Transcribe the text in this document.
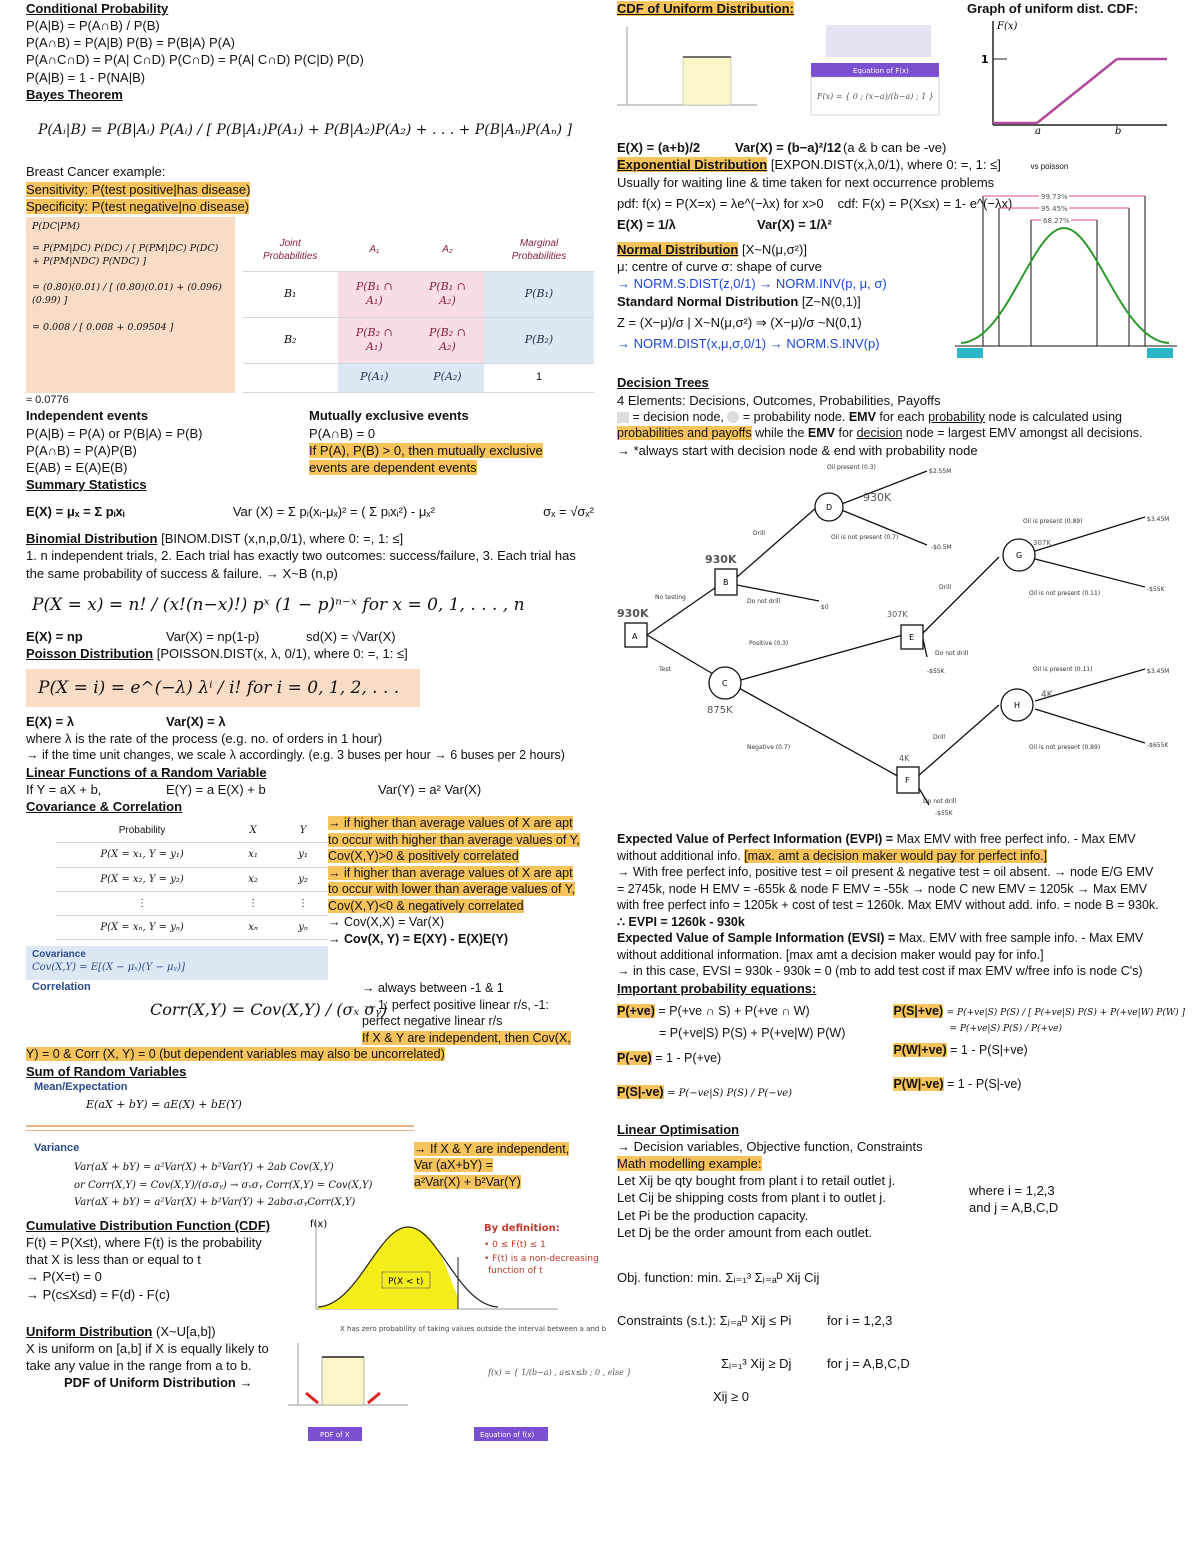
Conditional Probability
P(A|B) = P(A∩B) / P(B)
P(A∩B) = P(A|B) P(B) = P(B|A) P(A)
P(A∩C∩D) = P(A| C∩D) P(C∩D) = P(A| C∩D) P(C|D) P(D)
P(A|B) = 1 - P(NA|B)
Bayes Theorem
P(Aᵢ|B) = P(B|Aᵢ) P(Aᵢ) / [ P(B|A₁)P(A₁) + P(B|A₂)P(A₂) + . . . + P(B|Aₙ)P(Aₙ) ]
Breast Cancer example:
Sensitivity: P(test positive|has disease)
Specificity: P(test negative|no disease)
P(DC|PM)
= P(PM|DC) P(DC) / [ P(PM|DC) P(DC) + P(PM|NDC) P(NDC) ]
= (0.80)(0.01) / [ (0.80)(0.01) + (0.096)(0.99) ]
= 0.008 / [ 0.008 + 0.09504 ]
Joint Probabilities	A₁	A₂	Marginal Probabilities
B₁	P(B₁ ∩ A₁)	P(B₁ ∩ A₂)	P(B₁)
B₂	P(B₂ ∩ A₁)	P(B₂ ∩ A₂)	P(B₂)
	P(A₁)	P(A₂)	1
≈ 0.0776
Independent events
P(A|B) = P(A) or P(B|A) = P(B)
P(A∩B) = P(A)P(B)
E(AB) = E(A)E(B)
Mutually exclusive events
P(A∩B) = 0
If P(A), P(B) > 0, then mutually exclusive
events are dependent events
Summary Statistics
E(X) = μₓ = Σ pᵢxᵢ	Var (X) = Σ pᵢ(xᵢ-μₓ)² = ( Σ pᵢxᵢ²) - μₓ²	σₓ = √σₓ²
Binomial Distribution [BINOM.DIST (x,n,p,0/1), where 0: =, 1: ≤]
1. n independent trials, 2. Each trial has exactly two outcomes: success/failure, 3. Each trial has
the same probability of success & failure. → X~B (n,p)
P(X = x) = n! / (x!(n−x)!) pˣ (1 − p)ⁿ⁻ˣ for x = 0, 1, . . . , n
E(X) = np	Var(X) = np(1-p)	sd(X) = √Var(X)
Poisson Distribution [POISSON.DIST(x, λ, 0/1), where 0: =, 1: ≤]
P(X = i) = e^(−λ) λⁱ / i! for i = 0, 1, 2, . . .
E(X) = λ	Var(X) = λ
where λ is the rate of the process (e.g. no. of orders in 1 hour)
→ if the time unit changes, we scale λ accordingly. (e.g. 3 buses per hour → 6 buses per 2 hours)
Linear Functions of a Random Variable
If Y = aX + b,	E(Y) = a E(X) + b	Var(Y) = a² Var(X)
Covariance & Correlation
Probability	X	Y
P(X = x₁, Y = y₁)	x₁	y₁
P(X = x₂, Y = y₂)	x₂	y₂
⋮	⋮	⋮
P(X = xₙ, Y = yₙ)	xₙ	yₙ
Covariance
Cov(X,Y) = E[(X − μₓ)(Y − μᵧ)]
→ if higher than average values of X are apt
to occur with higher than average values of Y,
Cov(X,Y)>0 & positively correlated
→ if higher than average values of X are apt
to occur with lower than average values of Y,
Cov(X,Y)<0 & negatively correlated
→ Cov(X,X) = Var(X)
→ Cov(X, Y) = E(XY) - E(X)E(Y)
Correlation
Corr(X,Y) = Cov(X,Y) / (σₓ σᵧ)
→ always between -1 & 1
→ 1: perfect positive linear r/s, -1:
perfect negative linear r/s
If X & Y are independent, then Cov(X,
Y) = 0 & Corr (X, Y) = 0 (but dependent variables may also be uncorrelated)
Sum of Random Variables
Mean/Expectation
E(aX + bY) = aE(X) + bE(Y)
Variance
Var(aX + bY) = a²Var(X) + b²Var(Y) + 2ab Cov(X,Y)
or Corr(X,Y) = Cov(X,Y)/(σₓσᵧ) → σₓσᵧ Corr(X,Y) = Cov(X,Y)
Var(aX + bY) = a²Var(X) + b²Var(Y) + 2abσₓσᵧCorr(X,Y)
→ If X & Y are independent,
Var (aX+bY) =
a²Var(X) + b²Var(Y)
Cumulative Distribution Function (CDF)
F(t) = P(X≤t), where F(t) is the probability
that X is less than or equal to t
→ P(X=t) = 0
→ P(c≤X≤d) = F(d) - F(c)
f(x)
P(X < t)
By definition:
• 0 ≤ F(t) ≤ 1
• F(t) is a non-decreasing
function of t
Uniform Distribution (X~U[a,b])
X is uniform on [a,b] if X is equally likely to
take any value in the range from a to b.
PDF of Uniform Distribution →
X has zero probability of taking values outside the interval between a and b
f(x) = { 1/(b−a) , a≤x≤b ; 0 , else }
PDF of X	Equation of f(x)
CDF of Uniform Distribution:
Equation of F(x)
F(x) = { 0 ; (x−a)/(b−a) ; 1 }
Graph of uniform dist. CDF:
F(x)
1
a	b
E(X) = (a+b)/2	Var(X) = (b−a)²/12 (a & b can be -ve)
Exponential Distribution [EXPON.DIST(x,λ,0/1), where 0: =, 1: ≤]	vs poisson
Usually for waiting line & time taken for next occurrence problems
pdf: f(x) = P(X=x) = λe^(−λx) for x>0 cdf: F(x) = P(X≤x) = 1- e^(−λx)
E(X) = 1/λ	Var(X) = 1/λ²
Normal Distribution [X~N(μ,σ²)]
μ: centre of curve σ: shape of curve
→ NORM.S.DIST(z,0/1) → NORM.INV(p, μ, σ)
Standard Normal Distribution [Z~N(0,1)]
Z = (X−μ)/σ | X~N(μ,σ²) ⇒ (X−μ)/σ ~N(0,1)
→ NORM.DIST(x,μ,σ,0/1) → NORM.S.INV(p)
99.73%
95.45%
68.27%
Decision Trees
4 Elements: Decisions, Outcomes, Probabilities, Payoffs
= decision node, = probability node. EMV for each probability node is calculated using
probabilities and payoffs while the EMV for decision node = largest EMV amongst all decisions.
→ *always start with decision node & end with probability node
A
930K
B
930K
C
875K
D
930K
E
307K
G
307K
H
4K
F
4K
No testing
Test
Drill
Do not drill
$0
Oil present (0.3)
Oil is not present (0.7)
$2.55M
-$0.5M
Positive (0.3)
Negative (0.7)
Drill
Do not drill
Oil is present (0.89)
Oil is not present (0.11)
$3.45M
-$55K
-$55K	Oil is present (0.11)
Oil is not present (0.89)
$3.45M
-$655K
Drill
Do not drill
-$55K
Expected Value of Perfect Information (EVPI) = Max EMV with free perfect info. - Max EMV
without additional info. [max. amt a decision maker would pay for perfect info.]
→ With free perfect info, positive test = oil present & negative test = oil absent. → node E/G EMV
= 2745k, node H EMV = -655k & node F EMV = -55k → node C new EMV = 1205k → Max EMV
with free perfect info = 1205k + cost of test = 1260k. Max EMV without add. info. = node B = 930k.
∴ EVPI = 1260k - 930k
Expected Value of Sample Information (EVSI) = Max. EMV with free sample info. - Max EMV
without additional information. [max amt a decision maker would pay for info.]
→ in this case, EVSI = 930k - 930k = 0 (mb to add test cost if max EMV w/free info is node C's)
Important probability equations:
P(+ve) = P(+ve ∩ S) + P(+ve ∩ W)
= P(+ve|S) P(S) + P(+ve|W) P(W)
P(-ve) = 1 - P(+ve)
P(S|-ve) = P(−ve|S) P(S) / P(−ve)
P(S|+ve) = P(+ve|S) P(S) / [ P(+ve|S) P(S) + P(+ve|W) P(W) ]
= P(+ve|S) P(S) / P(+ve)
P(W|+ve) = 1 - P(S|+ve)
P(W|-ve) = 1 - P(S|-ve)
Linear Optimisation
→ Decision variables, Objective function, Constraints
Math modelling example:
Let Xij be qty bought from plant i to retail outlet j.
Let Cij be shipping costs from plant i to outlet j.
Let Pi be the production capacity.
Let Dj be the order amount from each outlet.
where i = 1,2,3
and j = A,B,C,D
Obj. function: min. Σᵢ₌₁³ Σⱼ₌ₐᴰ Xij Cij
Constraints (s.t.): Σⱼ₌ₐᴰ Xij ≤ Pi	for i = 1,2,3
Σᵢ₌₁³ Xij ≥ Dj	for j = A,B,C,D
Xij ≥ 0
